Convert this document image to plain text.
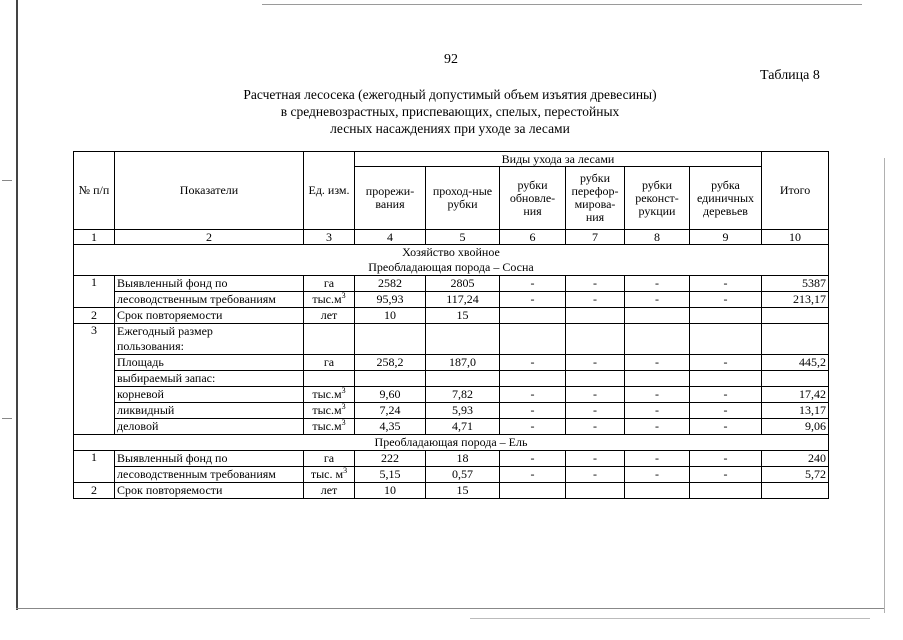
92
Таблица 8
Расчетная лесосека (ежегодный допустимый объем изъятия древесины)
в средневозрастных, приспевающих, спелых, перестойных
лесных насаждениях при уходе за лесами
№ п/п	Показатели	Ед. изм.	Виды ухода за лесами						Итого
			прорежи-вания	проход-ные рубки	рубки обновле-ния	рубки перефор-мирова-ния	рубки реконст-рукции	рубка единичных деревьев	
1	2	3	4	5	6	7	8	9	10
Хозяйство хвойное									
Преобладающая порода – Сосна									
1	Выявленный фонд по	га	2582	2805	-	-	-	-	5387
	лесоводственным требованиям	$тыс.м^3$	95,93	117,24	-	-	-	-	213,17
2	Срок повторяемости	лет	10	15					
3	Ежегодный размер								
	пользования:								
	Площадь	га	258,2	187,0	-	-	-	-	445,2
	выбираемый запас:								
	корневой	$тыс.м^3$	9,60	7,82	-	-	-	-	17,42
	ликвидный	$тыс.м^3$	7,24	5,93	-	-	-	-	13,17
	деловой	$тыс.м^3$	4,35	4,71	-	-	-	-	9,06
Преобладающая порода – Ель									
1	Выявленный фонд по	га	222	18	-	-	-	-	240
	лесоводственным требованиям	тыс. $м^3$	5,15	0,57	-	-	-	-	5,72
2	Срок повторяемости	лет	10	15					
